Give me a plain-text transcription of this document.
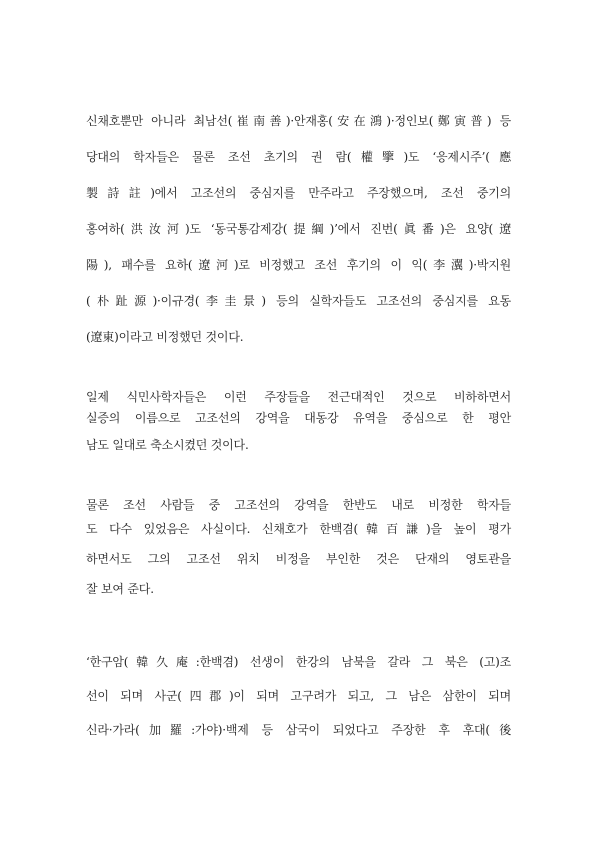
신채호뿐만 아니라 최남선(崔南善)·안재홍(安在鴻)·정인보(鄭寅普) 등
당대의 학자들은 물론 조선 초기의 권 람(權擥)도 ‘응제시주’(應
製詩註)에서 고조선의 중심지를 만주라고 주장했으며, 조선 중기의
홍여하(洪汝河)도 ‘동국통감제강(提綱)’에서 진번(眞番)은 요양(遼
陽), 패수를 요하(遼河)로 비정했고 조선 후기의 이 익(李瀷)·박지원
(朴趾源)·이규경(李圭景) 등의 실학자들도 고조선의 중심지를 요동
(遼東)이라고 비정했던 것이다.
일제 식민사학자들은 이런 주장들을 전근대적인 것으로 비하하면서
실증의 이름으로 고조선의 강역을 대동강 유역을 중심으로 한 평안
남도 일대로 축소시켰던 것이다.
물론 조선 사람들 중 고조선의 강역을 한반도 내로 비정한 학자들
도 다수 있었음은 사실이다. 신채호가 한백겸(韓百謙)을 높이 평가
하면서도 그의 고조선 위치 비정을 부인한 것은 단재의 영토관을
잘 보여 준다.
‘한구암(韓久庵:한백겸) 선생이 한강의 남북을 갈라 그 북은 (고)조
선이 되며 사군(四郡)이 되며 고구려가 되고, 그 남은 삼한이 되며
신라·가라(加羅:가야)·백제 등 삼국이 되었다고 주장한 후 후대(後
